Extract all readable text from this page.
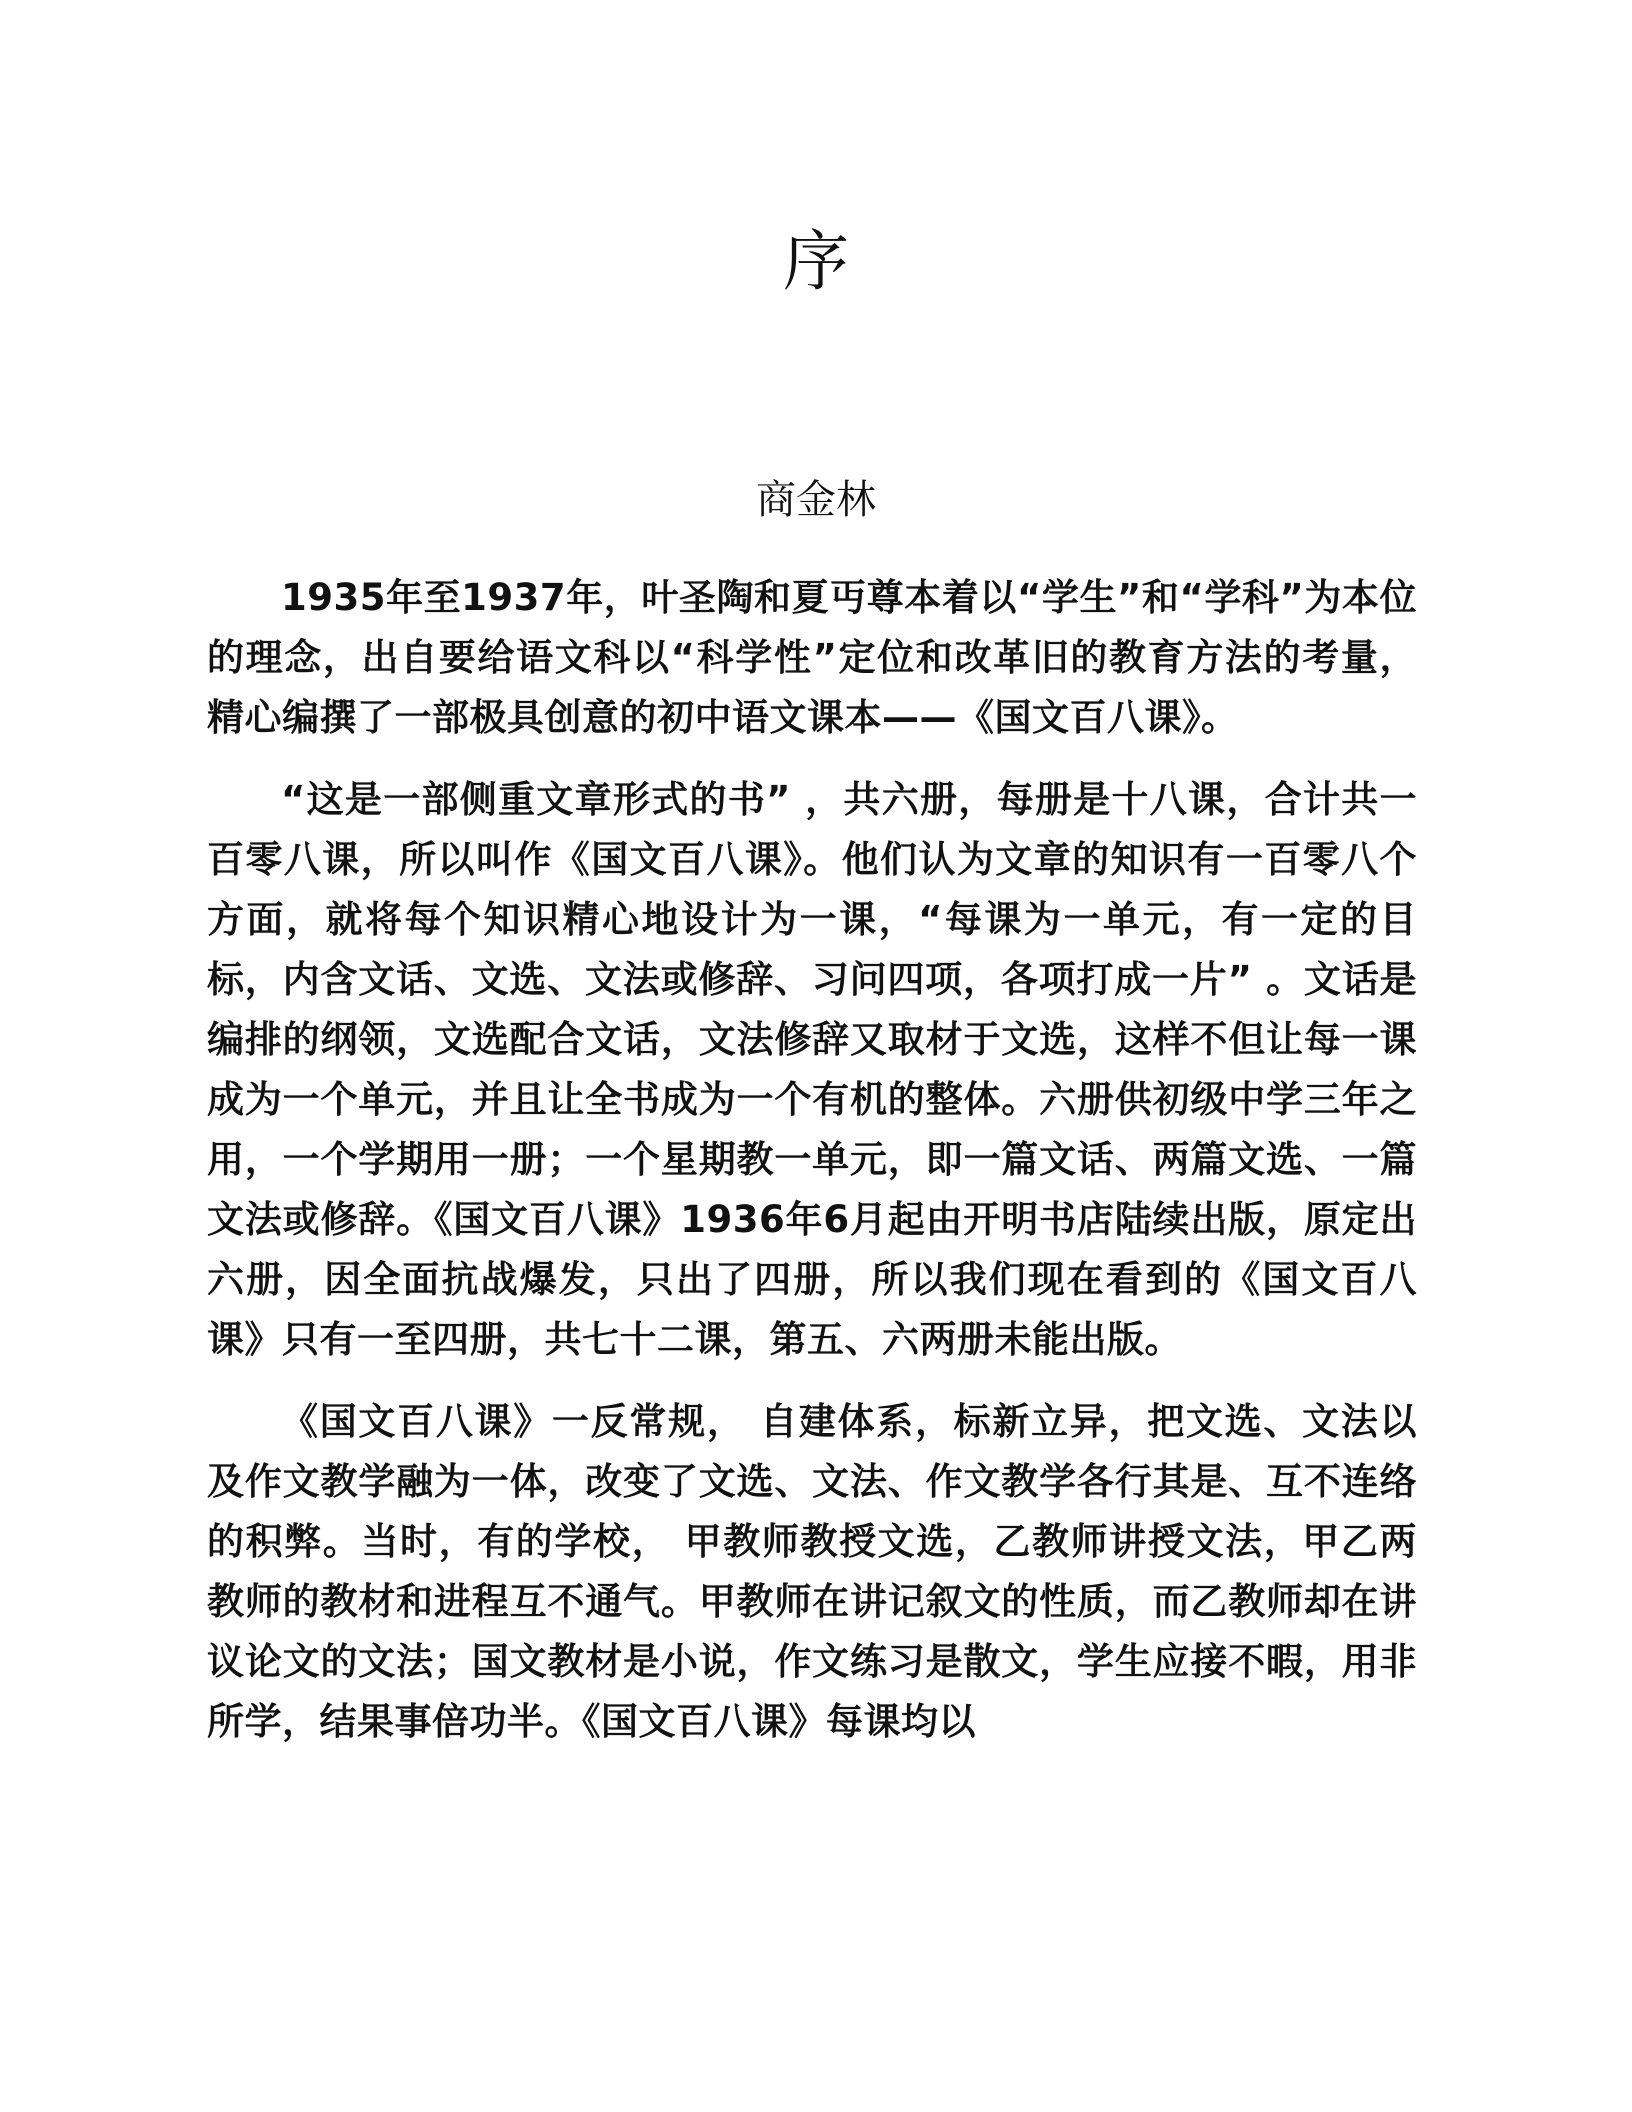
序

商金林

1935年至1937年，叶圣陶和夏丏尊本着以“学生”和“学科”为本位的理念，出自要给语文科以“科学性”定位和改革旧的教育方法的考量，精心编撰了一部极具创意的初中语文课本——《国文百八课》。

“这是一部侧重文章形式的书” ，共六册，每册是十八课，合计共一百零八课，所以叫作《国文百八课》。他们认为文章的知识有一百零八个方面，就将每个知识精心地设计为一课，“每课为一单元，有一定的目标，内含文话、文选、文法或修辞、习问四项，各项打成一片” 。文话是编排的纲领，文选配合文话，文法修辞又取材于文选，这样不但让每一课成为一个单元，并且让全书成为一个有机的整体。六册供初级中学三年之用，一个学期用一册；一个星期教一单元，即一篇文话、两篇文选、一篇文法或修辞。《国文百八课》1936年6月起由开明书店陆续出版，原定出六册，因全面抗战爆发，只出了四册，所以我们现在看到的《国文百八课》只有一至四册，共七十二课，第五、六两册未能出版。

《国文百八课》一反常规， 自建体系，标新立异，把文选、文法以及作文教学融为一体，改变了文选、文法、作文教学各行其是、互不连络的积弊。当时，有的学校， 甲教师教授文选，乙教师讲授文法，甲乙两教师的教材和进程互不通气。甲教师在讲记叙文的性质，而乙教师却在讲议论文的文法；国文教材是小说，作文练习是散文，学生应接不暇，用非所学，结果事倍功半。《国文百八课》每课均以
